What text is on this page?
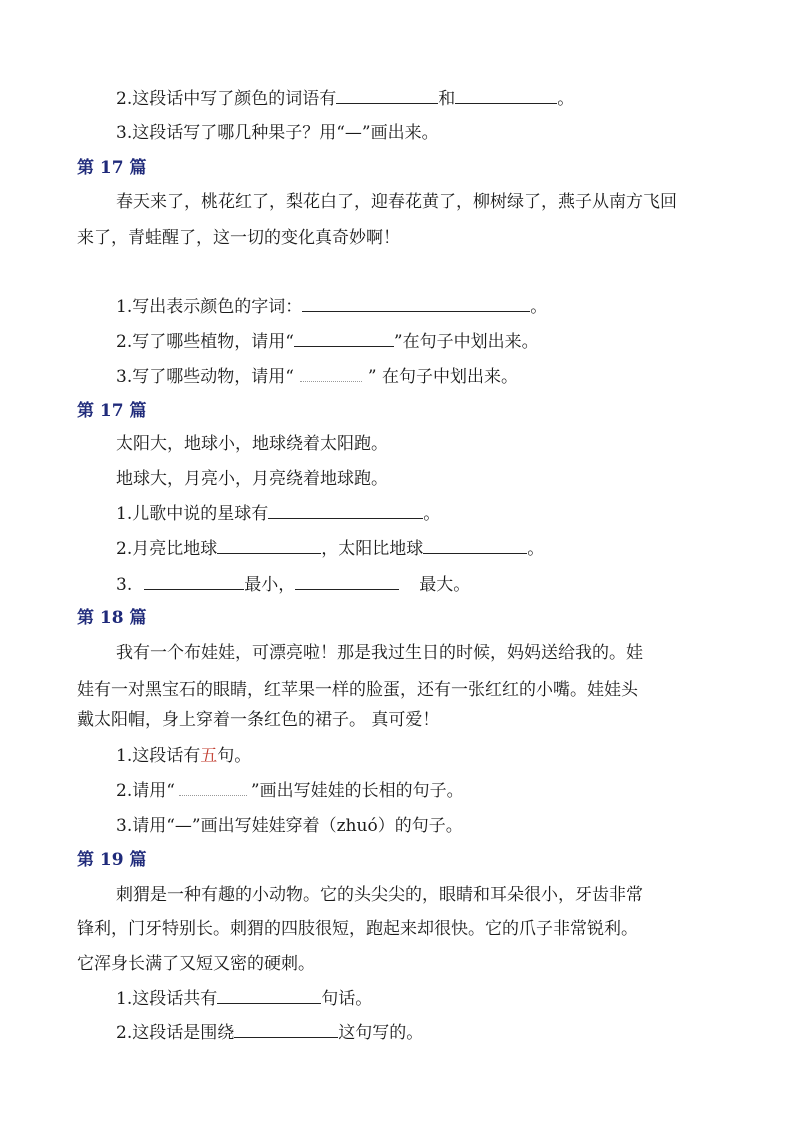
2.这段话中写了颜色的词语有	和	。
3.这段话写了哪几种果子？用“—”画出来。
第 17 篇
春天来了，桃花红了，梨花白了，迎春花黄了，柳树绿了，燕子从南方飞回
来了，青蛙醒了，这一切的变化真奇妙啊！
1.写出表示颜色的字词：	。
2.写了哪些植物，请用“	”在句子中划出来。
3.写了哪些动物，请用“	” 在句子中划出来。
第 17 篇
太阳大，地球小，地球绕着太阳跑。
地球大，月亮小，月亮绕着地球跑。
1.儿歌中说的星球有	。
2.月亮比地球	，太阳比地球	。
3.	最小，	最大。
第 18 篇
我有一个布娃娃，可漂亮啦！那是我过生日的时候，妈妈送给我的。娃
娃有一对黑宝石的眼睛，红苹果一样的脸蛋，还有一张红红的小嘴。娃娃头
戴太阳帽，身上穿着一条红色的裙子。 真可爱！
1.这段话有五句。
2.请用“	”画出写娃娃的长相的句子。
3.请用“—”画出写娃娃穿着（zhuó）的句子。
第 19 篇
刺猬是一种有趣的小动物。它的头尖尖的，眼睛和耳朵很小，牙齿非常
锋利，门牙特别长。刺猬的四肢很短，跑起来却很快。它的爪子非常锐利。
它浑身长满了又短又密的硬刺。
1.这段话共有	句话。
2.这段话是围绕	这句写的。
